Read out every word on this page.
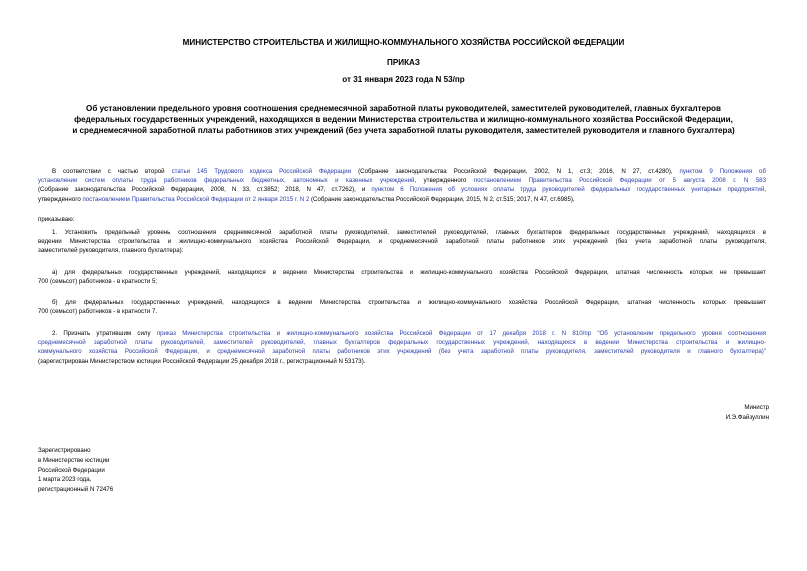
МИНИСТЕРСТВО СТРОИТЕЛЬСТВА И ЖИЛИЩНО-КОММУНАЛЬНОГО ХОЗЯЙСТВА РОССИЙСКОЙ ФЕДЕРАЦИИ
ПРИКАЗ
от 31 января 2023 года N 53/пр
Об установлении предельного уровня соотношения среднемесячной заработной платы руководителей, заместителей руководителей, главных бухгалтеров
федеральных государственных учреждений, находящихся в ведении Министерства строительства и жилищно-коммунального хозяйства Российской Федерации,
и среднемесячной заработной платы работников этих учреждений (без учета заработной платы руководителя, заместителей руководителя и главного бухгалтера)
В соответствии с частью второй статьи 145 Трудового кодекса Российской Федерации (Собрание законодательства Российской Федерации, 2002, N 1, ст.3; 2016, N 27, ст.4280), пунктом 9 Положения об
установлении систем оплаты труда работников федеральных бюджетных, автономных и казенных учреждений, утвержденного постановлением Правительства Российской Федерации от 5 августа 2008 г. N 583
(Собрание законодательства Российской Федерации, 2008, N 33, ст.3852; 2018, N 47, ст.7262), и пунктом 6 Положения об условиях оплаты труда руководителей федеральных государственных унитарных предприятий,
утвержденного постановлением Правительства Российской Федерации от 2 января 2015 г. N 2 (Собрание законодательства Российской Федерации, 2015, N 2, ст.515; 2017, N 47, ст.6985),
приказываю:
1. Установить предельный уровень соотношения среднемесячной заработной платы руководителей, заместителей руководителей, главных бухгалтеров федеральных государственных учреждений, находящихся в
ведении Министерства строительства и жилищно-коммунального хозяйства Российской Федерации, и среднемесячной заработной платы работников этих учреждений (без учета заработной платы руководителя,
заместителей руководителя, главного бухгалтера):
а) для федеральных государственных учреждений, находящихся в ведении Министерства строительства и жилищно-коммунального хозяйства Российской Федерации, штатная численность которых не превышает
700 (семьсот) работников - в кратности 5;
б) для федеральных государственных учреждений, находящихся в ведении Министерства строительства и жилищно-коммунального хозяйства Российской Федерации, штатная численность которых превышает
700 (семьсот) работников - в кратности 7.
2. Признать утратившим силу приказ Министерства строительства и жилищно-коммунального хозяйства Российской Федерации от 17 декабря 2018 г. N 810/пр "Об установлении предельного уровня соотношения
среднемесячной заработной платы руководителей, заместителей руководителей, главных бухгалтеров федеральных государственных учреждений, находящихся в ведении Министерства строительства и жилищно-
коммунального хозяйства Российской Федерации, и среднемесячной заработной платы работников этих учреждений (без учета заработной платы руководителя, заместителей руководителя и главного бухгалтера)"
(зарегистрирован Министерством юстиции Российской Федерации 25 декабря 2018 г., регистрационный N 53173).
Министр
И.Э.Файзуллин
Зарегистрировано
в Министерстве юстиции
Российской Федерации
1 марта 2023 года,
регистрационный N 72476
